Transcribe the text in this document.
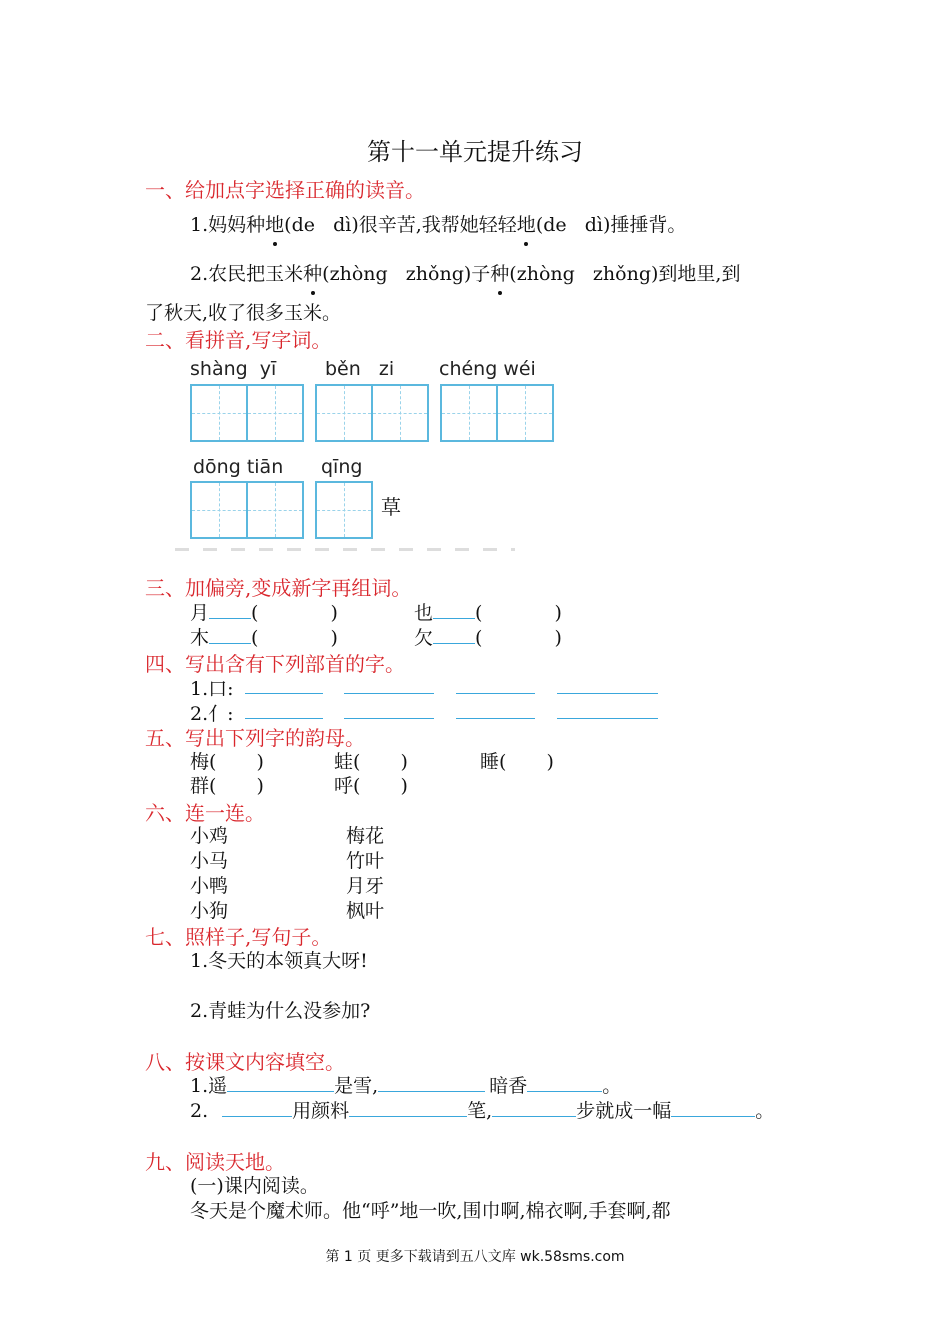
第十一单元提升练习
一、给加点字选择正确的读音。
1.妈妈种地(de   dì)很辛苦,我帮她轻轻地(de   dì)捶捶背。
2.农民把玉米种(zhòng   zhǒng)子种(zhòng   zhǒng)到地里,到
了秋天,收了很多玉米。
二、看拼音,写字词。
shàng  yī	běn   zi chéng wéi
dōng tiān qīng
草
三、加偏旁,变成新字再组词。
月 (	)	也 (	)
木 (	)	欠 (	)
四、写出含有下列部首的字。
1.口:
2.亻:
五、写出下列字的韵母。
梅( )	蛙( )	睡( )
群( )	呼( )
六、连一连。
小鸡	梅花
小马	竹叶
小鸭	月牙
小狗	枫叶
七、照样子,写句子。
1.冬天的本领真大呀!
2.青蛙为什么没参加?
八、按课文内容填空。
1.遥	是雪,	暗香	。
2.	用颜料	笔,	步就成一幅	。
九、阅读天地。
(一)课内阅读。
冬天是个魔术师。他“呼”地一吹,围巾啊,棉衣啊,手套啊,都
第 1 页 更多下载请到五八文库 wk.58sms.com
